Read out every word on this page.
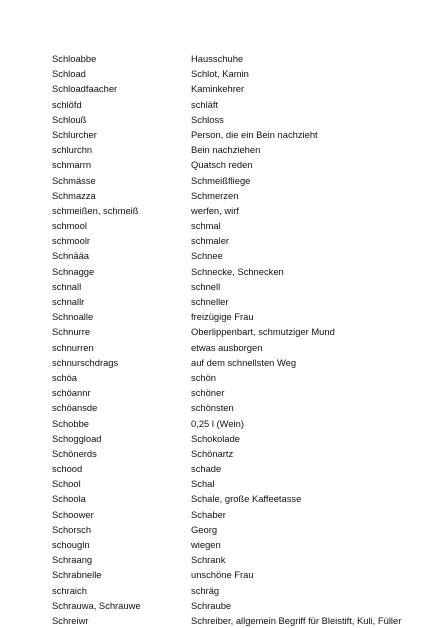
Schloabbe	Hausschuhe
Schload	Schlot, Kamin
Schloadfaacher	Kaminkehrer
schlöfd	schläft
Schlouß	Schloss
Schlurcher	Person, die ein Bein nachzieht
schlurchn	Bein nachziehen
schmarrn	Quatsch reden
Schmässe	Schmeißfliege
Schmazza	Schmerzen
schmeißen, schmeiß	werfen, wirf
schmool	schmal
schmoolr	schmaler
Schnääa	Schnee
Schnagge	Schnecke, Schnecken
schnall	schnell
schnallr	schneller
Schnoalle	freizügige Frau
Schnurre	Oberlippenbart, schmutziger Mund
schnurren	etwas ausborgen
schnurschdrags	auf dem schnellsten Weg
schöa	schön
schöannr	schöner
schöansde	schönsten
Schobbe	0,25 l (Wein)
Schoggload	Schokolade
Schönerds	Schönartz
schood	schade
School	Schal
Schoola	Schale, große Kaffeetasse
Schoower	Schaber
Schorsch	Georg
schougln	wiegen
Schraang	Schrank
Schrabnelle	unschöne Frau
schraich	schräg
Schrauwa, Schrauwe	Schraube
Schreiwr	Schreiber, allgemein Begriff für Bleistift, Kuli, Füller
